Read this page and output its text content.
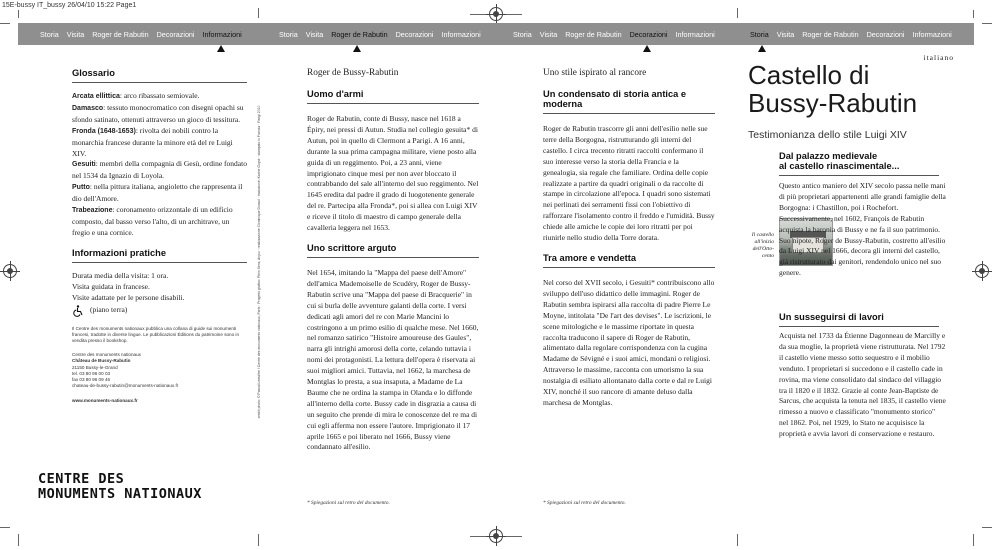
15E-bussy IT_bussy 26/04/10 15:22 Page1
Storia Visita Roger de Rabutin Decorazioni Informazioni	Storia Visita Roger de Rabutin Decorazioni Informazioni	Storia Visita Roger de Rabutin Decorazioni Informazioni	Storia Visita Roger de Rabutin Decorazioni Informazioni
Glossario

Arcata ellittica: arco ribassato semiovale.

Damasco: tessuto monocromatico con disegni opachi su sfondo satinato, ottenuti attraverso un gioco di tessitura.

Fronda (1648-1653): rivolta dei nobili contro la monarchia francese durante la minore età del re Luigi XIV.

Gesuiti: membri della compagnia di Gesù, ordine fondato nel 1534 da Ignazio di Loyola.

Putto: nella pittura italiana, angioletto che rappresenta il dio dell'Amore.

Trabeazione: coronamento orizzontale di un edificio composto, dal basso verso l'alto, di un architrave, un fregio e una cornice.

Informazioni pratiche
Durata media della visita: 1 ora.
Visita guidata in francese.
Visite adattate per le persone disabili.
(piano terra)
Il Centre des monuments nationaux pubblica una collana di guide sui monumenti francesi, tradotte in diverse lingue. Le pubblicazioni Éditions du patrimoine sono in vendita presso il bookshop.
Centre des monuments nationaux
Château de Bussy-Rabutin
21150 Bussy-le-Grand
tel. 03 80 96 00 03
fax 03 80 96 09 46
chateau-de-bussy-rabutin@monuments-nationaux.fr
www.monuments-nationaux.fr
CENTRE DES
MONUMENTS NATIONAUX
crediti photo: © Pascal Lemaître / Centre des monuments nationaux, Paris · Progetto grafico: Plein Sens, Anjou · realizzazione: Dominique Dussol · traduzione: Karine Guyot · stampato in Francia · Parigi 2010
Roger de Bussy-Rabutin
Uomo d'armi
Roger de Rabutin, conte di Bussy, nasce nel 1618 a Épiry, nei pressi di Autun. Studia nel collegio gesuita* di Autun, poi in quello di Clermont a Parigi. A 16 anni, durante la sua prima campagna militare, viene posto alla guida di un reggimento. Poi, a 23 anni, viene imprigionato cinque mesi per non aver bloccato il contrabbando del sale all'interno del suo reggimento. Nel 1645 eredita dal padre il grado di luogotenente generale del re. Partecipa alla Fronda*, poi si allea con Luigi XIV e riceve il titolo di maestro di campo generale della cavalleria leggera nel 1653.
Uno scrittore arguto
Nel 1654, imitando la "Mappa del paese dell'Amore" dell'amica Mademoiselle de Scudéry, Roger de Bussy-Rabutin scrive una "Mappa del paese di Bracquerie" in cui si burla delle avventure galanti della corte. I versi dedicati agli amori del re con Marie Mancini lo costringono a un primo esilio di qualche mese. Nel 1660, nel romanzo satirico "Histoire amoureuse des Gaules", narra gli intrighi amorosi della corte, celando tuttavia i nomi dei protagonisti. La lettura dell'opera è riservata ai suoi migliori amici. Tuttavia, nel 1662, la marchesa de Montglas lo presta, a sua insaputa, a Madame de La Baume che ne ordina la stampa in Olanda e lo diffonde all'interno della corte. Bussy cade in disgrazia a causa di un seguito che prende di mira le conoscenze del re ma di cui egli afferma non essere l'autore. Imprigionato il 17 aprile 1665 e poi liberato nel 1666, Bussy viene condannato all'esilio.
* Spiegazioni sul retro del documento.
Uno stile ispirato al rancore
Un condensato di storia antica e moderna
Roger de Rabutin trascorre gli anni dell'esilio nelle sue terre della Borgogna, ristrutturando gli interni del castello. I circa trecento ritratti raccolti confermano il suo interesse verso la storia della Francia e la genealogia, sia regale che familiare. Ordina delle copie realizzate a partire da quadri originali o da raccolte di stampe in circolazione all'epoca. I quadri sono sistemati nei perlinati dei serramenti fissi con l'obiettivo di rafforzare l'isolamento contro il freddo e l'umidità. Bussy chiede alle amiche le copie dei loro ritratti per poi riunirle nello studio della Torre dorata.
Tra amore e vendetta
Nel corso del XVII secolo, i Gesuiti* contribuiscono allo sviluppo dell'uso didattico delle immagini. Roger de Rabutin sembra ispirarsi alla raccolta di padre Pierre Le Moyne, intitolata "De l'art des devises". Le iscrizioni, le scene mitologiche e le massime riportate in questa raccolta traducono il sapere di Roger de Rabutin, alimentato dalla regolare corrispondenza con la cugina Madame de Sévigné e i suoi amici, mondani o religiosi. Attraverso le massime, racconta con umorismo la sua nostalgia di esiliato allontanato dalla corte e dal re Luigi XIV, nonché il suo rancore di amante deluso dalla marchesa de Montglas.
* Spiegazioni sul retro del documento.
italiano
Castello di
Bussy-Rabutin
Testimonianza dello stile Luigi XIV
Dal palazzo medievale
al castello rinascimentale...
Il castello all'inizio dell'Otto-cento
Questo antico maniero del XIV secolo passa nelle mani di più proprietari appartenenti alle grandi famiglie della Borgogna: i Chastillon, poi i Rochefort. Successivamente, nel 1602, François de Rabutin acquista la baronia di Bussy e ne fa il suo patrimonio. Suo nipote, Roger de Bussy-Rabutin, costretto all'esilio da Luigi XIV nel 1666, decora gli interni del castello, già ristrutturato dai genitori, rendendolo unico nel suo genere.
Un susseguirsi di lavori
Acquista nel 1733 da Étienne Dagonneau de Marcilly e da sua moglie, la proprietà viene ristrutturata. Nel 1792 il castello viene messo sotto sequestro e il mobilio venduto. I proprietari si succedono e il castello cade in rovina, ma viene consolidato dal sindaco del villaggio tra il 1820 e il 1832. Grazie al conte Jean-Baptiste de Sarcus, che acquista la tenuta nel 1835, il castello viene rimesso a nuovo e classificato "monumento storico" nel 1862. Poi, nel 1929, lo Stato ne acquisisce la proprietà e avvia lavori di conservazione e restauro.
